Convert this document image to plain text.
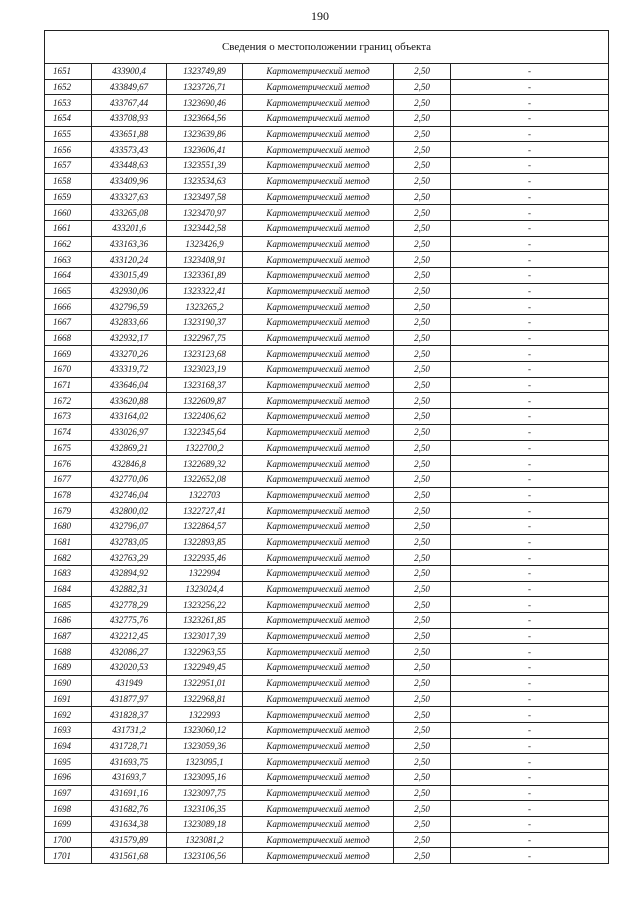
190
Сведения о местоположении границ объекта					
1651	433900,4	1323749,89	Картометрический метод	2,50	-
1652	433849,67	1323726,71	Картометрический метод	2,50	-
1653	433767,44	1323690,46	Картометрический метод	2,50	-
1654	433708,93	1323664,56	Картометрический метод	2,50	-
1655	433651,88	1323639,86	Картометрический метод	2,50	-
1656	433573,43	1323606,41	Картометрический метод	2,50	-
1657	433448,63	1323551,39	Картометрический метод	2,50	-
1658	433409,96	1323534,63	Картометрический метод	2,50	-
1659	433327,63	1323497,58	Картометрический метод	2,50	-
1660	433265,08	1323470,97	Картометрический метод	2,50	-
1661	433201,6	1323442,58	Картометрический метод	2,50	-
1662	433163,36	1323426,9	Картометрический метод	2,50	-
1663	433120,24	1323408,91	Картометрический метод	2,50	-
1664	433015,49	1323361,89	Картометрический метод	2,50	-
1665	432930,06	1323322,41	Картометрический метод	2,50	-
1666	432796,59	1323265,2	Картометрический метод	2,50	-
1667	432833,66	1323190,37	Картометрический метод	2,50	-
1668	432932,17	1322967,75	Картометрический метод	2,50	-
1669	433270,26	1323123,68	Картометрический метод	2,50	-
1670	433319,72	1323023,19	Картометрический метод	2,50	-
1671	433646,04	1323168,37	Картометрический метод	2,50	-
1672	433620,88	1322609,87	Картометрический метод	2,50	-
1673	433164,02	1322406,62	Картометрический метод	2,50	-
1674	433026,97	1322345,64	Картометрический метод	2,50	-
1675	432869,21	1322700,2	Картометрический метод	2,50	-
1676	432846,8	1322689,32	Картометрический метод	2,50	-
1677	432770,06	1322652,08	Картометрический метод	2,50	-
1678	432746,04	1322703	Картометрический метод	2,50	-
1679	432800,02	1322727,41	Картометрический метод	2,50	-
1680	432796,07	1322864,57	Картометрический метод	2,50	-
1681	432783,05	1322893,85	Картометрический метод	2,50	-
1682	432763,29	1322935,46	Картометрический метод	2,50	-
1683	432894,92	1322994	Картометрический метод	2,50	-
1684	432882,31	1323024,4	Картометрический метод	2,50	-
1685	432778,29	1323256,22	Картометрический метод	2,50	-
1686	432775,76	1323261,85	Картометрический метод	2,50	-
1687	432212,45	1323017,39	Картометрический метод	2,50	-
1688	432086,27	1322963,55	Картометрический метод	2,50	-
1689	432020,53	1322949,45	Картометрический метод	2,50	-
1690	431949	1322951,01	Картометрический метод	2,50	-
1691	431877,97	1322968,81	Картометрический метод	2,50	-
1692	431828,37	1322993	Картометрический метод	2,50	-
1693	431731,2	1323060,12	Картометрический метод	2,50	-
1694	431728,71	1323059,36	Картометрический метод	2,50	-
1695	431693,75	1323095,1	Картометрический метод	2,50	-
1696	431693,7	1323095,16	Картометрический метод	2,50	-
1697	431691,16	1323097,75	Картометрический метод	2,50	-
1698	431682,76	1323106,35	Картометрический метод	2,50	-
1699	431634,38	1323089,18	Картометрический метод	2,50	-
1700	431579,89	1323081,2	Картометрический метод	2,50	-
1701	431561,68	1323106,56	Картометрический метод	2,50	-
